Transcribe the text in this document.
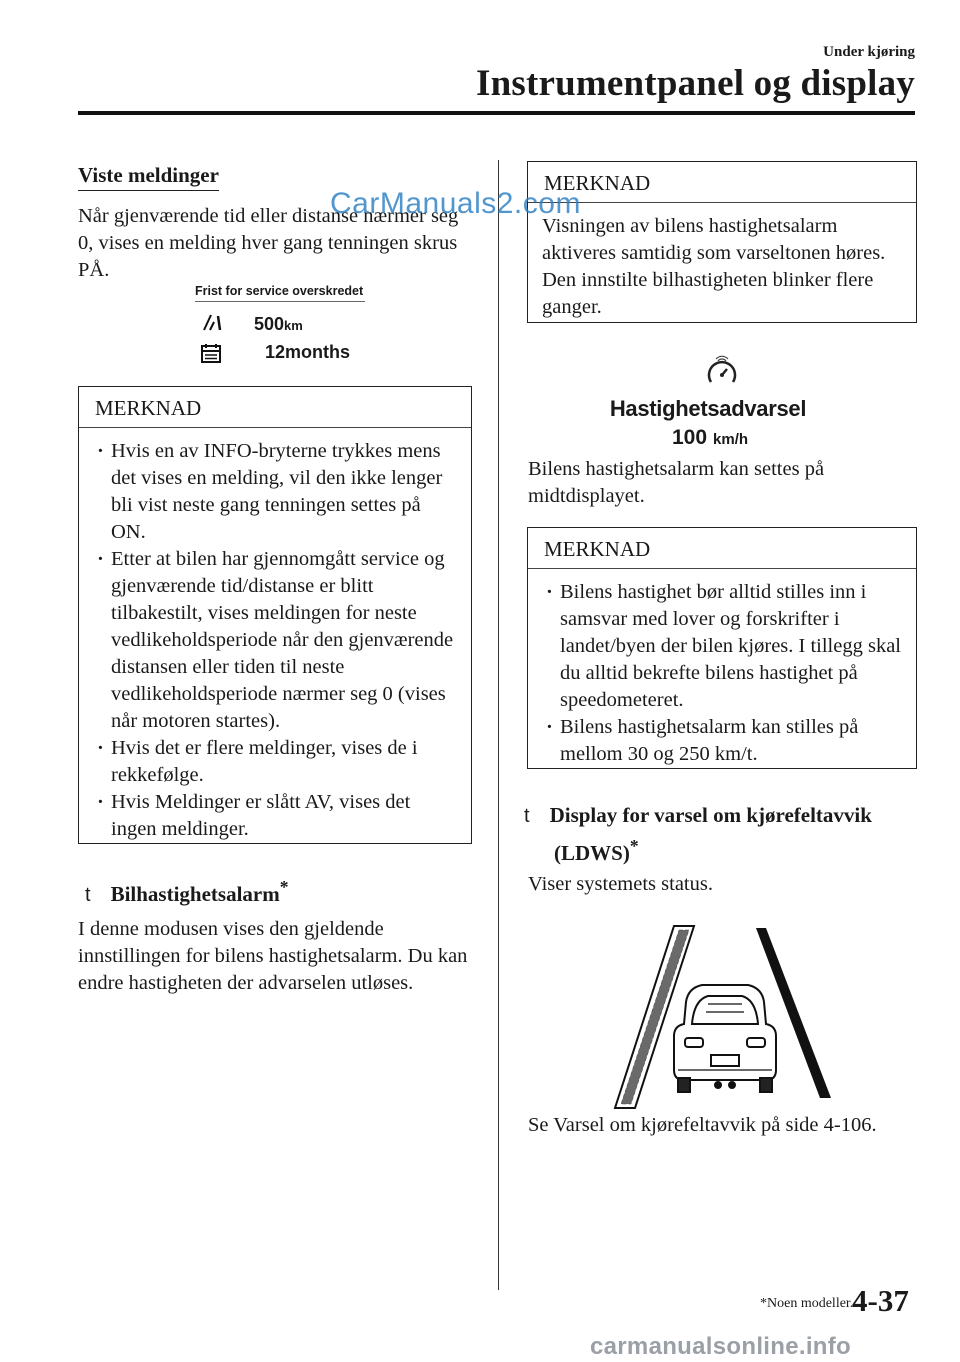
Under kjøring
Instrumentpanel og display
Viste meldinger
Når gjenværende tid eller distanse nærmer seg 0, vises en melding hver gang tenningen skrus PÅ.
Frist for service overskredet
500km
12months
MERKNAD
· Hvis en av INFO-bryterne trykkes mens det vises en melding, vil den ikke lenger bli vist neste gang tenningen settes på ON.
· Etter at bilen har gjennomgått service og gjenværende tid/distanse er blitt tilbakestilt, vises meldingen for neste vedlikeholdsperiode når den gjenværende distansen eller tiden til neste vedlikeholdsperiode nærmer seg 0 (vises når motoren startes).
· Hvis det er flere meldinger, vises de i rekkefølge.
· Hvis Meldinger er slått AV, vises det ingen meldinger.
t Bilhastighetsalarm*
I denne modusen vises den gjeldende innstillingen for bilens hastighetsalarm. Du kan endre hastigheten der advarselen utløses.
MERKNAD
Visningen av bilens hastighetsalarm aktiveres samtidig som varseltonen høres. Den innstilte bilhastigheten blinker flere ganger.
Hastighetsadvarsel
100 km/h
Bilens hastighetsalarm kan settes på midtdisplayet.
MERKNAD
· Bilens hastighet bør alltid stilles inn i samsvar med lover og forskrifter i landet/byen der bilen kjøres. I tillegg skal du alltid bekrefte bilens hastighet på speedometeret.
· Bilens hastighetsalarm kan stilles på mellom 30 og 250 km/t.
t Display for varsel om kjørefeltavvik
(LDWS)*
Viser systemets status.
Se Varsel om kjørefeltavvik på side 4-106.
*Noen modeller.
4-37
CarManuals2.com
carmanualsonline.info
